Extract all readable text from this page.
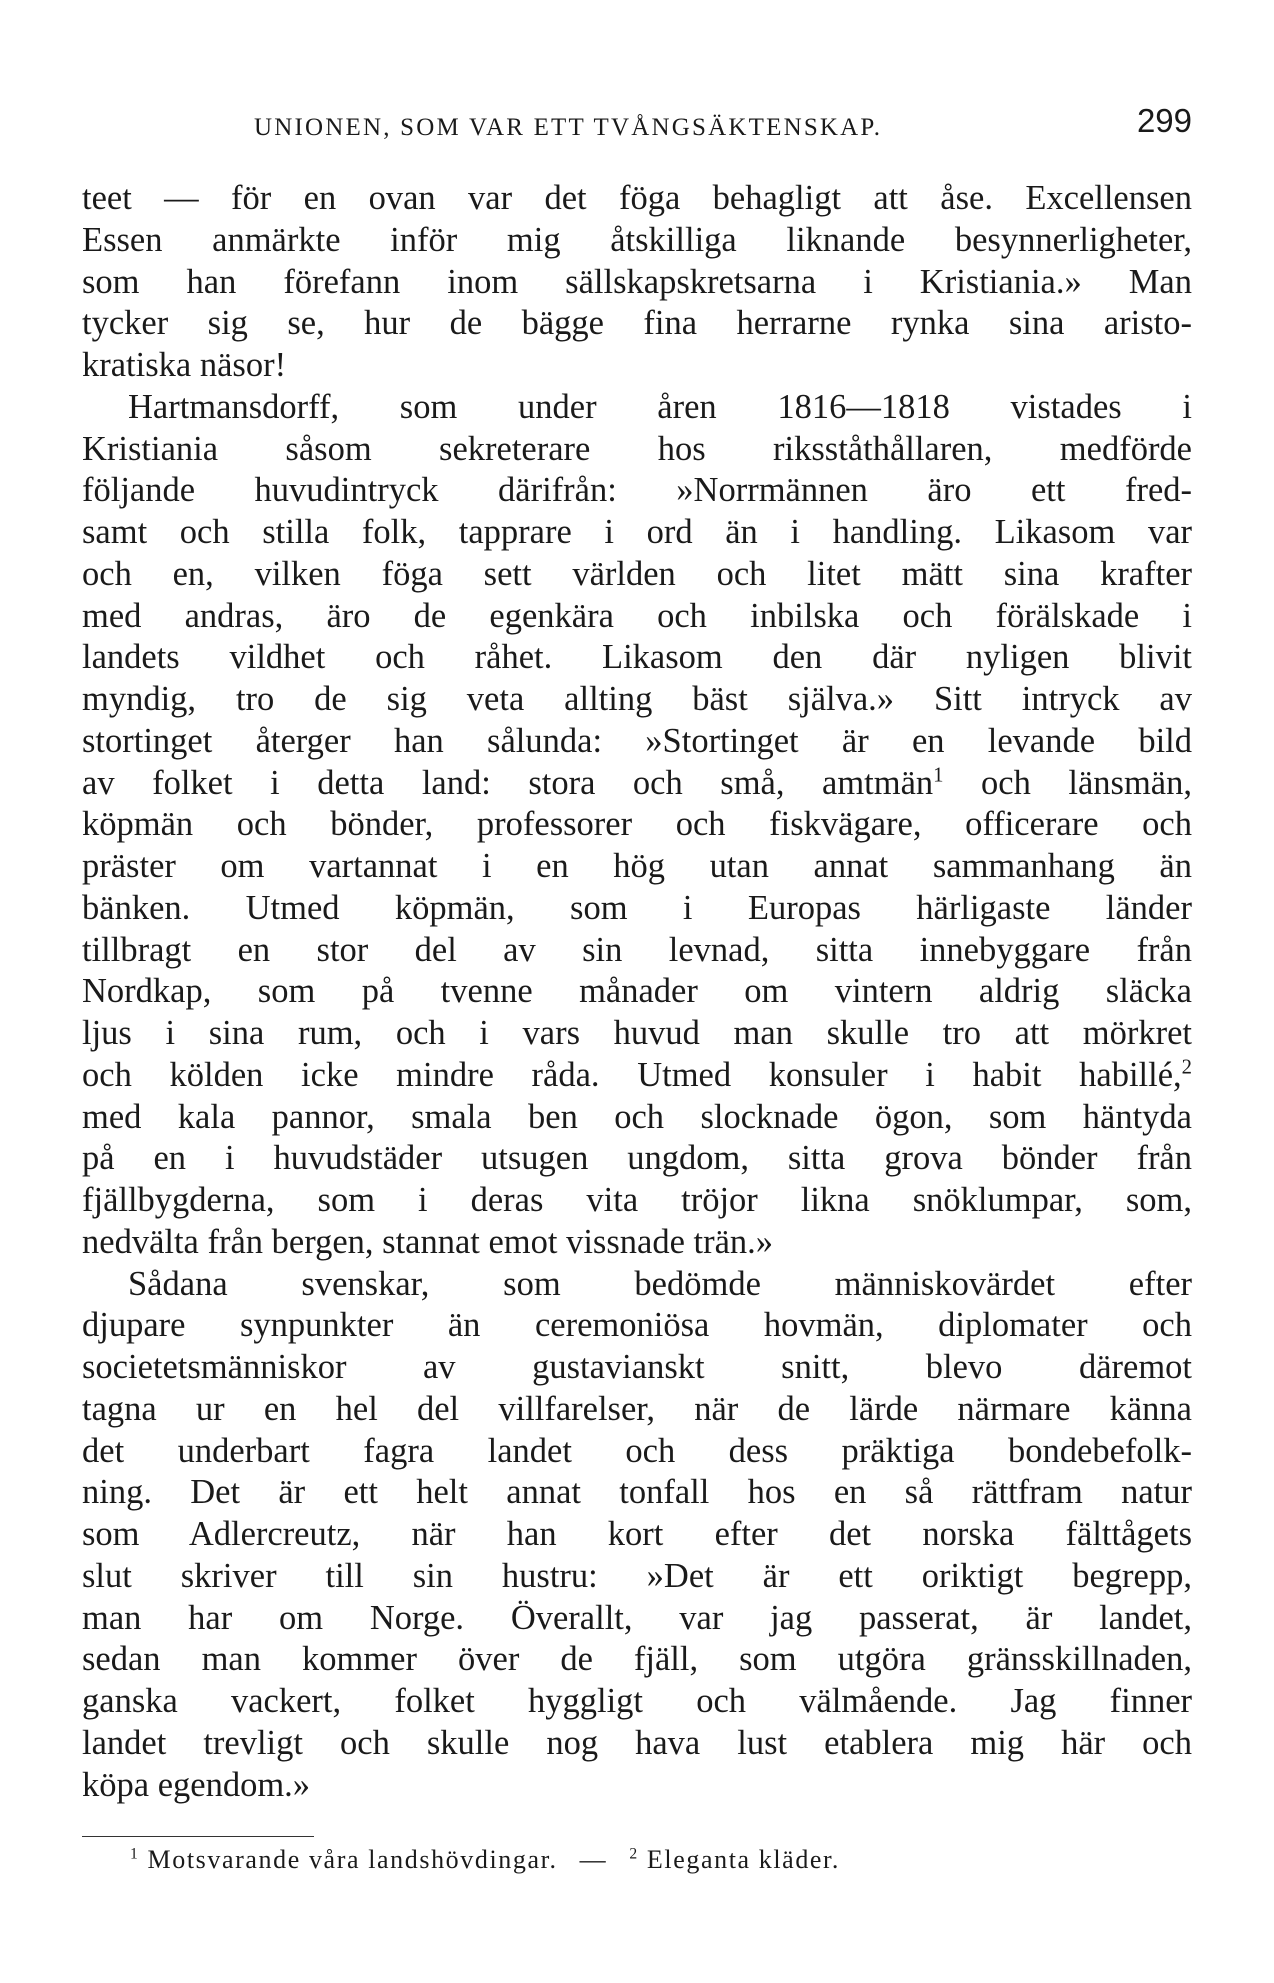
UNIONEN, SOM VAR ETT TVÅNGSÄKTENSKAP.	299
teet — för en ovan var det föga behagligt att åse. Excellensen
Essen anmärkte inför mig åtskilliga liknande besynnerligheter,
som han förefann inom sällskapskretsarna i Kristiania.» Man
tycker sig se, hur de bägge fina herrarne rynka sina aristo-
kratiska näsor!
Hartmansdorff, som under åren 1816—1818 vistades i
Kristiania såsom sekreterare hos riksståthållaren, medförde
följande huvudintryck därifrån: »Norrmännen äro ett fred-
samt och stilla folk, tapprare i ord än i handling. Likasom var
och en, vilken föga sett världen och litet mätt sina krafter
med andras, äro de egenkära och inbilska och förälskade i
landets vildhet och råhet. Likasom den där nyligen blivit
myndig, tro de sig veta allting bäst själva.» Sitt intryck av
stortinget återger han sålunda: »Stortinget är en levande bild
av folket i detta land: stora och små, amtmän$^1$ och länsmän,
köpmän och bönder, professorer och fiskvägare, officerare och
präster om vartannat i en hög utan annat sammanhang än
bänken. Utmed köpmän, som i Europas härligaste länder
tillbragt en stor del av sin levnad, sitta innebyggare från
Nordkap, som på tvenne månader om vintern aldrig släcka
ljus i sina rum, och i vars huvud man skulle tro att mörkret
och kölden icke mindre råda. Utmed konsuler i habit habillé,$^2$
med kala pannor, smala ben och slocknade ögon, som häntyda
på en i huvudstäder utsugen ungdom, sitta grova bönder från
fjällbygderna, som i deras vita tröjor likna snöklumpar, som,
nedvälta från bergen, stannat emot vissnade trän.»
Sådana svenskar, som bedömde människovärdet efter
djupare synpunkter än ceremoniösa hovmän, diplomater och
societetsmänniskor av gustavianskt snitt, blevo däremot
tagna ur en hel del villfarelser, när de lärde närmare känna
det underbart fagra landet och dess präktiga bondebefolk-
ning. Det är ett helt annat tonfall hos en så rättfram natur
som Adlercreutz, när han kort efter det norska fälttågets
slut skriver till sin hustru: »Det är ett oriktigt begrepp,
man har om Norge. Överallt, var jag passerat, är landet,
sedan man kommer över de fjäll, som utgöra gränsskillnaden,
ganska vackert, folket hyggligt och välmående. Jag finner
landet trevligt och skulle nog hava lust etablera mig här och
köpa egendom.»
$^1$ Motsvarande våra landshövdingar. — $^2$ Eleganta kläder.
